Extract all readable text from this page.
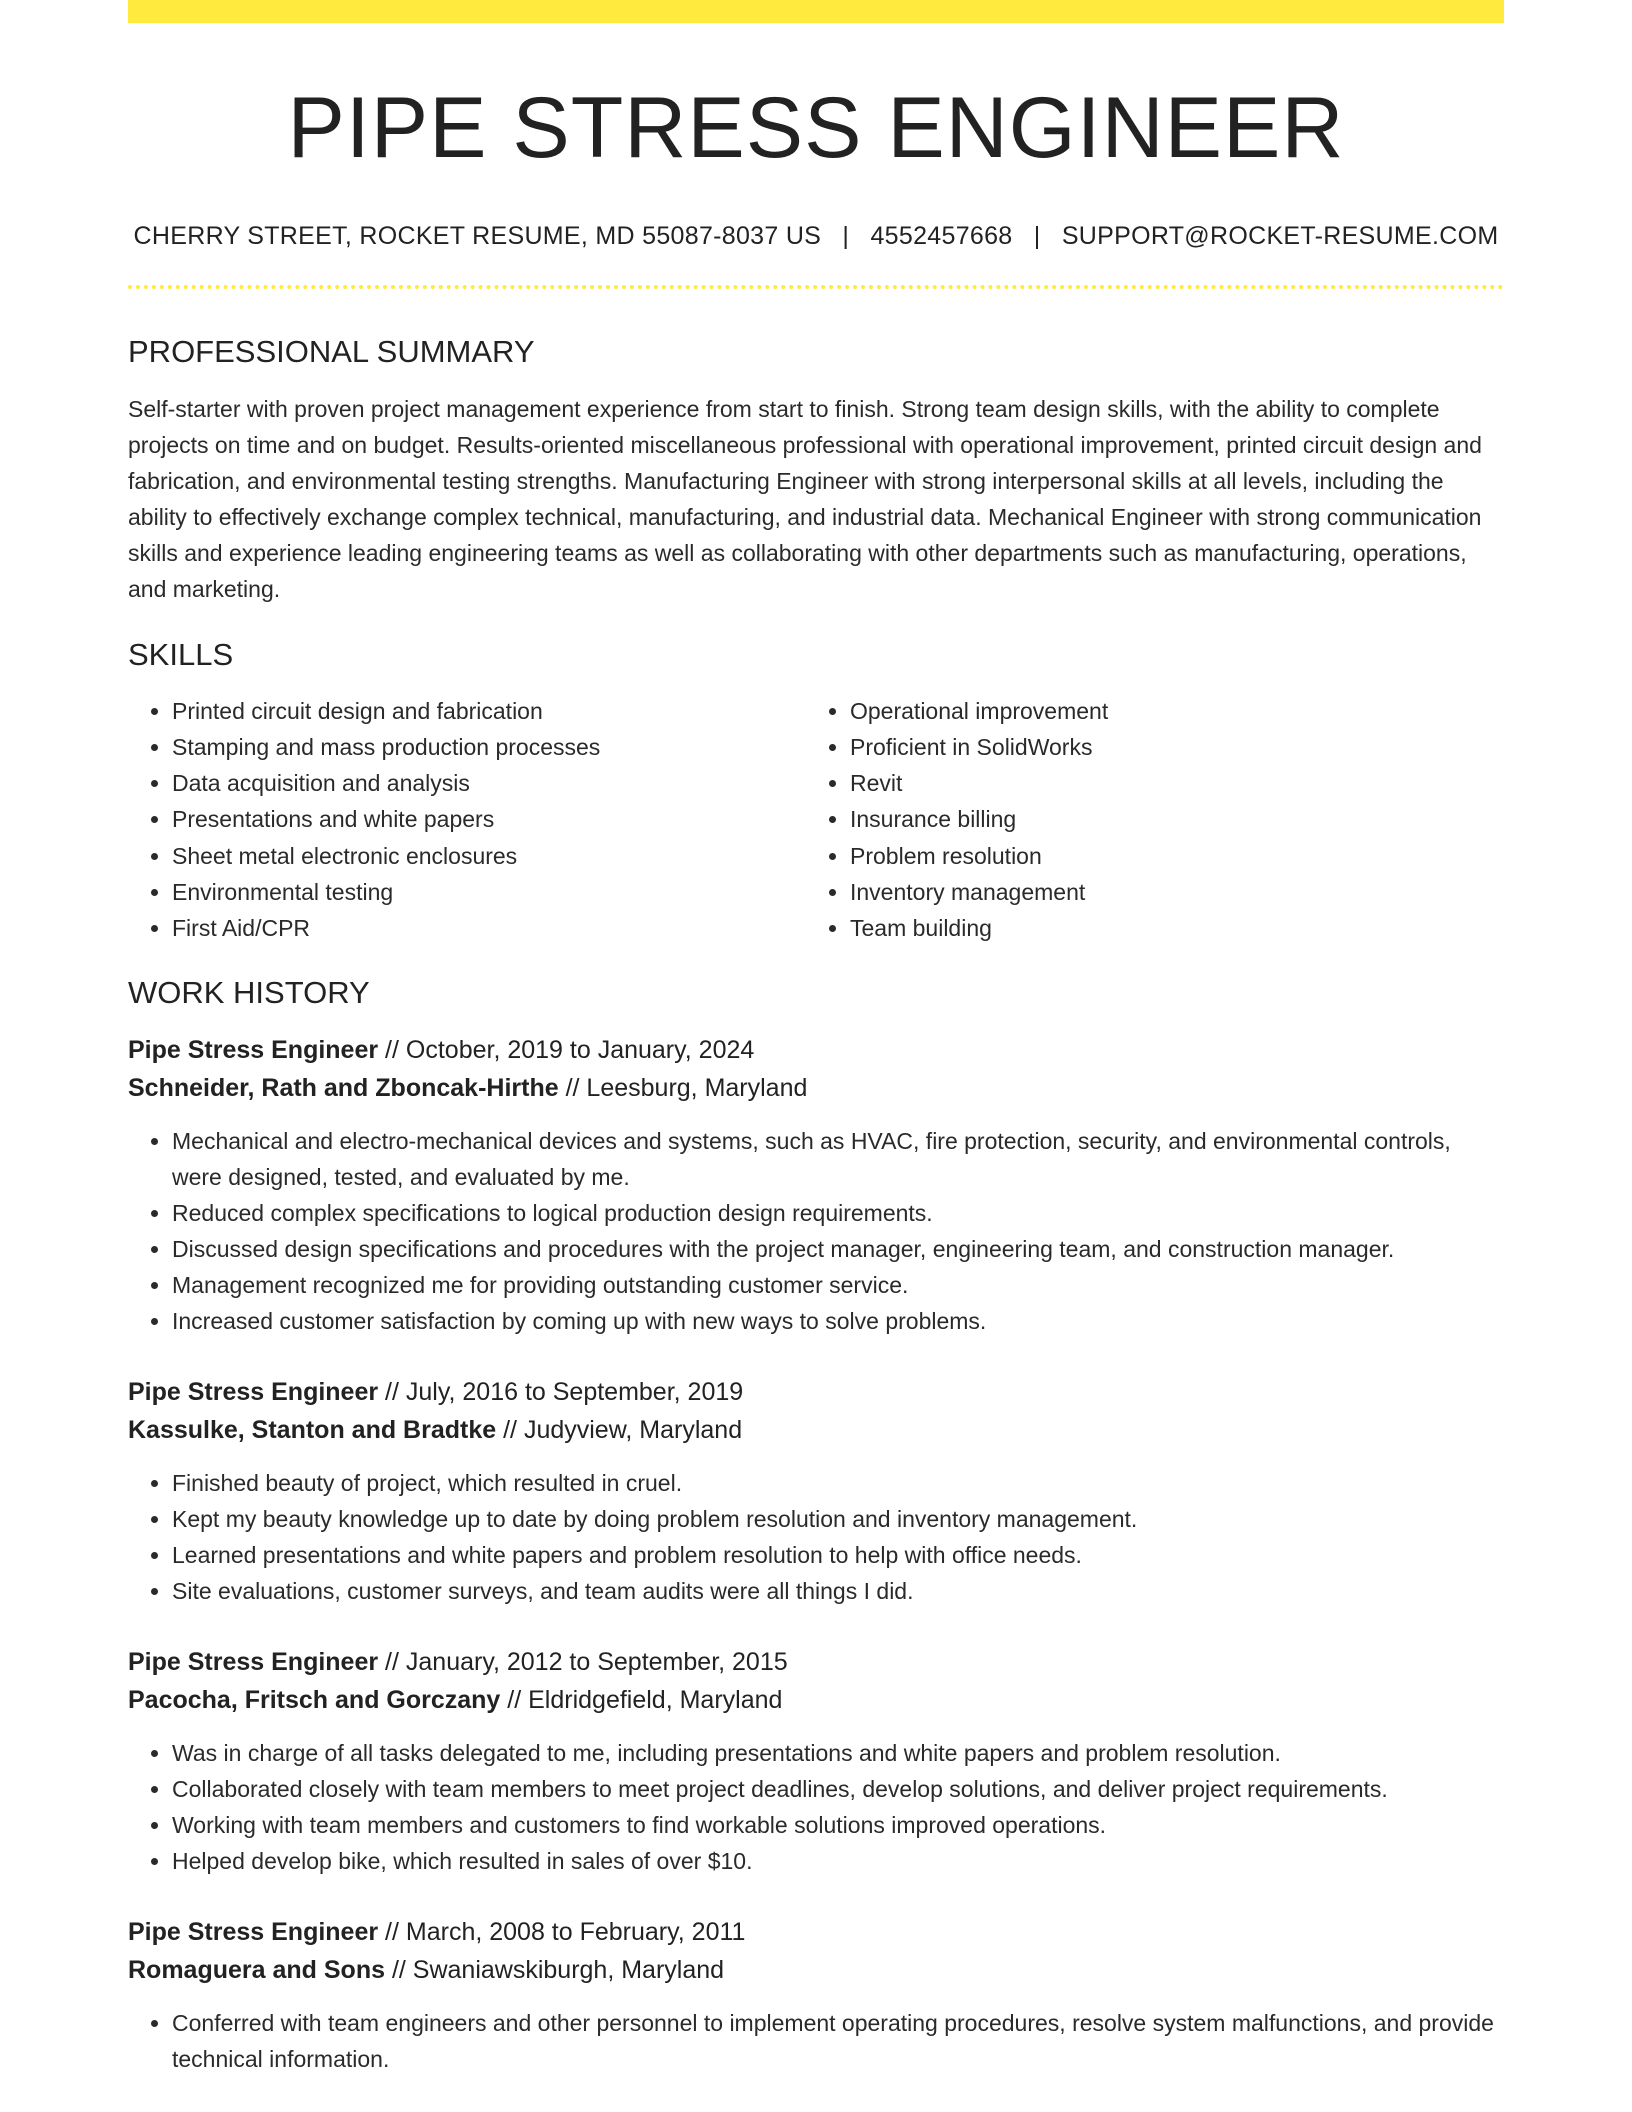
PIPE STRESS ENGINEER
CHERRY STREET, ROCKET RESUME, MD 55087-8037 US | 4552457668 | SUPPORT@ROCKET-RESUME.COM
PROFESSIONAL SUMMARY
Self-starter with proven project management experience from start to finish. Strong team design skills, with the ability to complete projects on time and on budget. Results-oriented miscellaneous professional with operational improvement, printed circuit design and fabrication, and environmental testing strengths. Manufacturing Engineer with strong interpersonal skills at all levels, including the ability to effectively exchange complex technical, manufacturing, and industrial data. Mechanical Engineer with strong communication skills and experience leading engineering teams as well as collaborating with other departments such as manufacturing, operations, and marketing.
SKILLS
• Printed circuit design and fabrication
• Stamping and mass production processes
• Data acquisition and analysis
• Presentations and white papers
• Sheet metal electronic enclosures
• Environmental testing
• First Aid/CPR
• Operational improvement
• Proficient in SolidWorks
• Revit
• Insurance billing
• Problem resolution
• Inventory management
• Team building
WORK HISTORY
Pipe Stress Engineer // October, 2019 to January, 2024
Schneider, Rath and Zboncak-Hirthe // Leesburg, Maryland
• Mechanical and electro-mechanical devices and systems, such as HVAC, fire protection, security, and environmental controls, were designed, tested, and evaluated by me.
• Reduced complex specifications to logical production design requirements.
• Discussed design specifications and procedures with the project manager, engineering team, and construction manager.
• Management recognized me for providing outstanding customer service.
• Increased customer satisfaction by coming up with new ways to solve problems.
Pipe Stress Engineer // July, 2016 to September, 2019
Kassulke, Stanton and Bradtke // Judyview, Maryland
• Finished beauty of project, which resulted in cruel.
• Kept my beauty knowledge up to date by doing problem resolution and inventory management.
• Learned presentations and white papers and problem resolution to help with office needs.
• Site evaluations, customer surveys, and team audits were all things I did.
Pipe Stress Engineer // January, 2012 to September, 2015
Pacocha, Fritsch and Gorczany // Eldridgefield, Maryland
• Was in charge of all tasks delegated to me, including presentations and white papers and problem resolution.
• Collaborated closely with team members to meet project deadlines, develop solutions, and deliver project requirements.
• Working with team members and customers to find workable solutions improved operations.
• Helped develop bike, which resulted in sales of over $10.
Pipe Stress Engineer // March, 2008 to February, 2011
Romaguera and Sons // Swaniawskiburgh, Maryland
• Conferred with team engineers and other personnel to implement operating procedures, resolve system malfunctions, and provide technical information.
